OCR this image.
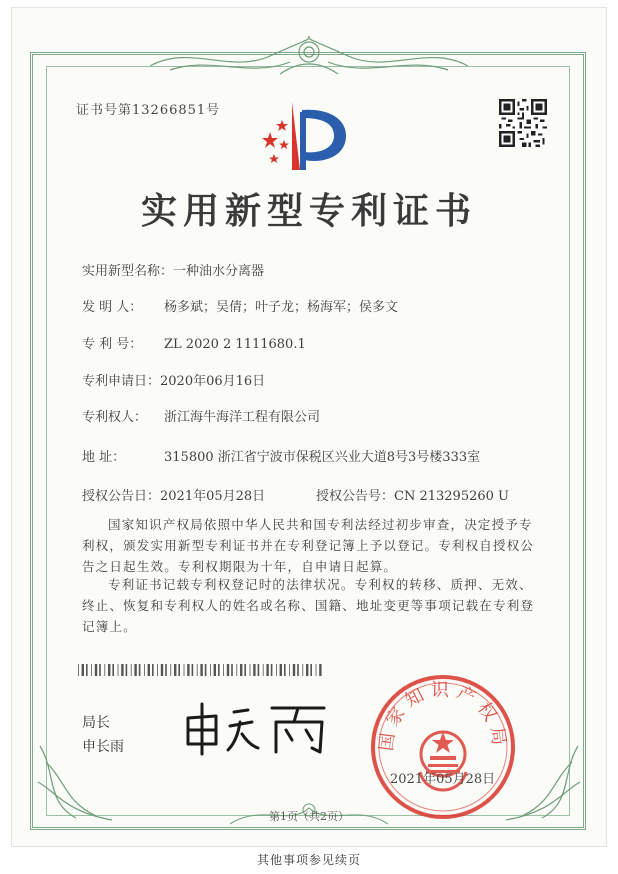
证书号第13266851号
实用新型专利证书
实用新型名称：一种油水分离器
发 明 人： 杨多斌；吴倩；叶子龙；杨海军；侯多文
专 利 号： ZL 2020 2 1111680.1
专利申请日：2020年06月16日
专利权人： 浙江海牛海洋工程有限公司
地 址：	315800 浙江省宁波市保税区兴业大道8号3号楼333室
授权公告日：2021年05月28日	授权公告号：CN 213295260 U
国家知识产权局依照中华人民共和国专利法经过初步审查，决定授予专利权，颁发实用新型专利证书并在专利登记簿上予以登记。专利权自授权公告之日起生效。专利权期限为十年，自申请日起算。
专利证书记载专利权登记时的法律状况。专利权的转移、质押、无效、终止、恢复和专利权人的姓名或名称、国籍、地址变更等事项记载在专利登记簿上。
局长
申长雨	国家知识产权局
2021年05月28日
第1页（共2页）
其他事项参见续页
